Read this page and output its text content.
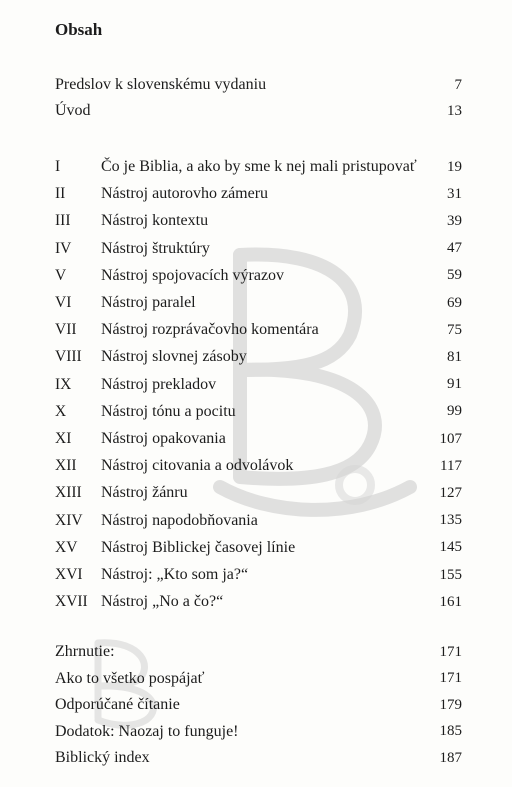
Obsah
Predslov k slovenskému vydaniu	7
Úvod	13
I	Čo je Biblia, a ako by sme k nej mali pristupovať	19
II	Nástroj autorovho zámeru	31
III	Nástroj kontextu	39
IV	Nástroj štruktúry	47
V	Nástroj spojovacích výrazov	59
VI	Nástroj paralel	69
VII	Nástroj rozprávačovho komentára	75
VIII	Nástroj slovnej zásoby	81
IX	Nástroj prekladov	91
X	Nástroj tónu a pocitu	99
XI	Nástroj opakovania	107
XII	Nástroj citovania a odvolávok	117
XIII	Nástroj žánru	127
XIV	Nástroj napodobňovania	135
XV	Nástroj Biblickej časovej línie	145
XVI	Nástroj: „Kto som ja?“	155
XVII Nástroj „No a čo?“	161
Zhrnutie:	171
Ako to všetko pospájať	171
Odporúčané čítanie	179
Dodatok: Naozaj to funguje!	185
Biblický index	187
